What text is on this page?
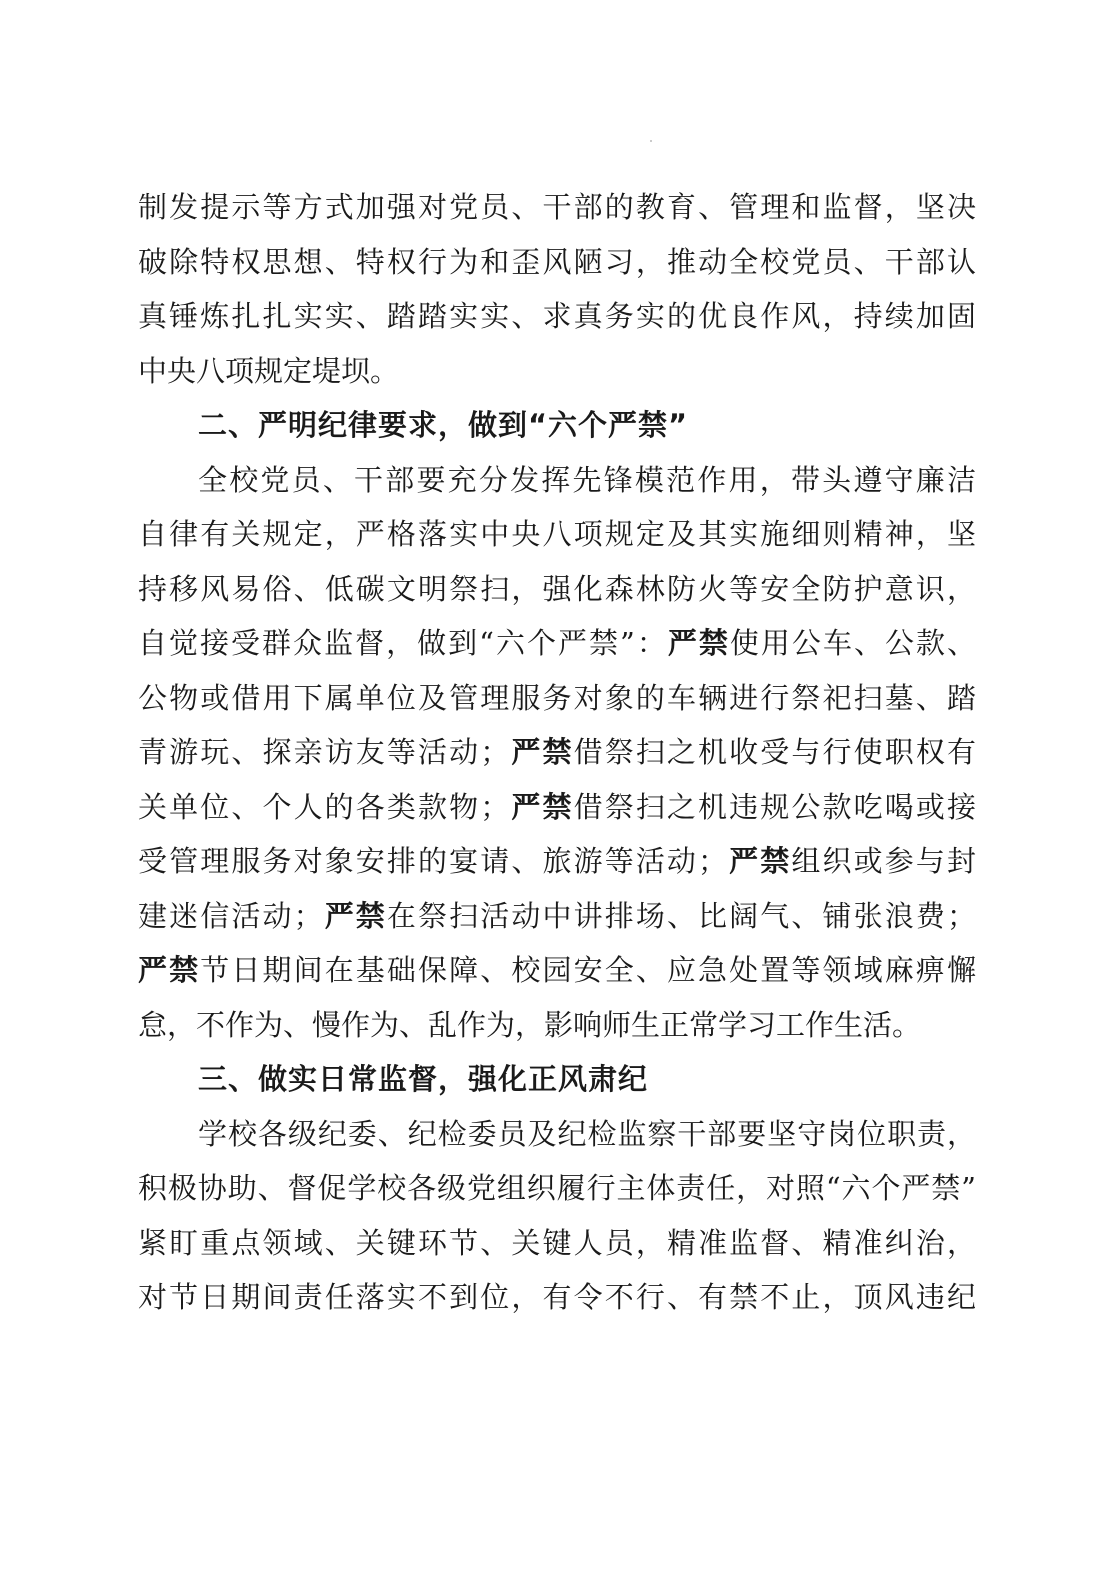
制发提示等方式加强对党员、干部的教育、管理和监督，坚决
破除特权思想、特权行为和歪风陋习，推动全校党员、干部认
真锤炼扎扎实实、踏踏实实、求真务实的优良作风，持续加固
中央八项规定堤坝。
二、严明纪律要求，做到“六个严禁”
全校党员、干部要充分发挥先锋模范作用，带头遵守廉洁
自律有关规定，严格落实中央八项规定及其实施细则精神，坚
持移风易俗、低碳文明祭扫，强化森林防火等安全防护意识，
自觉接受群众监督，做到“六个严禁”：严禁使用公车、公款、
公物或借用下属单位及管理服务对象的车辆进行祭祀扫墓、踏
青游玩、探亲访友等活动；严禁借祭扫之机收受与行使职权有
关单位、个人的各类款物；严禁借祭扫之机违规公款吃喝或接
受管理服务对象安排的宴请、旅游等活动；严禁组织或参与封
建迷信活动；严禁在祭扫活动中讲排场、比阔气、铺张浪费；
严禁节日期间在基础保障、校园安全、应急处置等领域麻痹懈
怠，不作为、慢作为、乱作为，影响师生正常学习工作生活。
三、做实日常监督，强化正风肃纪
学校各级纪委、纪检委员及纪检监察干部要坚守岗位职责，
积极协助、督促学校各级党组织履行主体责任，对照“六个严禁”
紧盯重点领域、关键环节、关键人员，精准监督、精准纠治，
对节日期间责任落实不到位，有令不行、有禁不止，顶风违纪
